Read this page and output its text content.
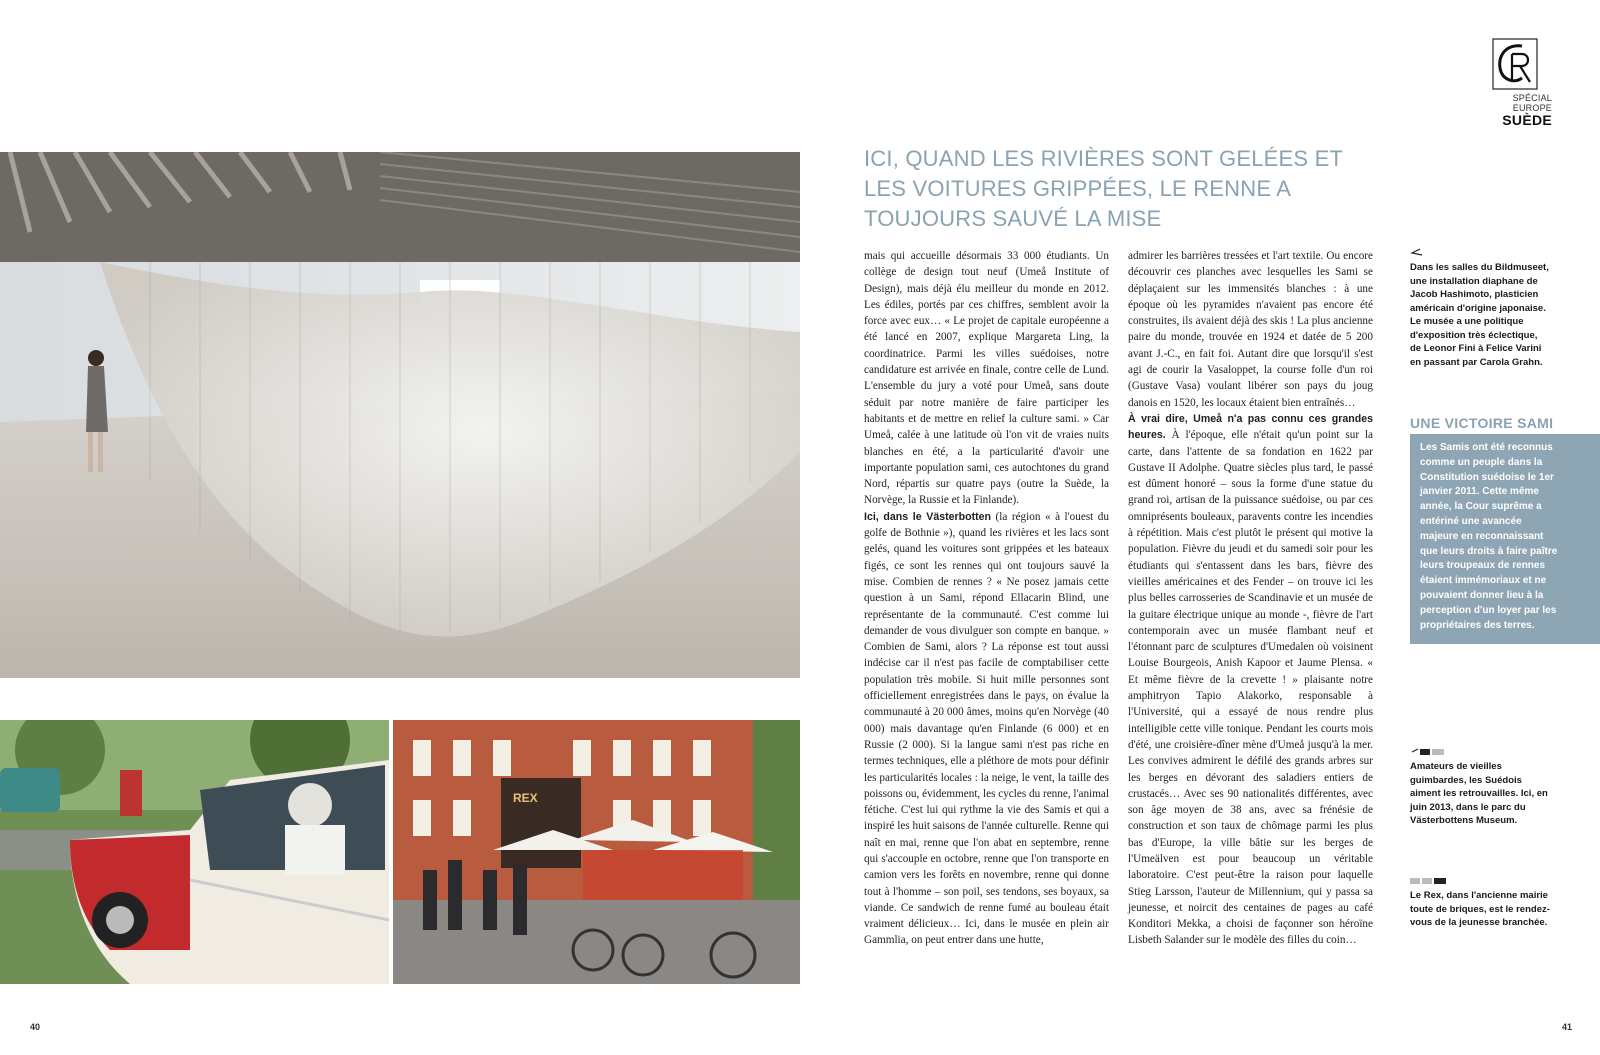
SPÉCIAL EUROPE
SUÈDE
REX
ICI, QUAND LES RIVIÈRES SONT GELÉES ET LES VOITURES GRIPPÉES, LE RENNE A TOUJOURS SAUVÉ LA MISE

mais qui accueille désormais 33 000 étudiants. Un collège de design tout neuf (Umeå Institute of Design), mais déjà élu meilleur du monde en 2012. Les édiles, portés par ces chiffres, semblent avoir la force avec eux… « Le projet de capitale européenne a été lancé en 2007, explique Margareta Ling, la coordinatrice. Parmi les villes suédoises, notre candidature est arrivée en finale, contre celle de Lund. L'ensemble du jury a voté pour Umeå, sans doute séduit par notre manière de faire participer les habitants et de mettre en relief la culture sami. » Car Umeå, calée à une latitude où l'on vit de vraies nuits blanches en été, a la particularité d'avoir une importante population sami, ces autochtones du grand Nord, répartis sur quatre pays (outre la Suède, la Norvège, la Russie et la Finlande).

Ici, dans le Västerbotten (la région « à l'ouest du golfe de Bothnie »), quand les rivières et les lacs sont gelés, quand les voitures sont grippées et les bateaux figés, ce sont les rennes qui ont toujours sauvé la mise. Combien de rennes ? « Ne posez jamais cette question à un Sami, répond Ellacarin Blind, une représentante de la communauté. C'est comme lui demander de vous divulguer son compte en banque. » Combien de Sami, alors ? La réponse est tout aussi indécise car il n'est pas facile de comptabiliser cette population très mobile. Si huit mille personnes sont officiellement enregistrées dans le pays, on évalue la communauté à 20 000 âmes, moins qu'en Norvège (40 000) mais davantage qu'en Finlande (6 000) et en Russie (2 000). Si la langue sami n'est pas riche en termes techniques, elle a pléthore de mots pour définir les particularités locales : la neige, le vent, la taille des poissons ou, évidemment, les cycles du renne, l'animal fétiche. C'est lui qui rythme la vie des Samis et qui a inspiré les huit saisons de l'année culturelle. Renne qui naît en mai, renne que l'on abat en septembre, renne qui s'accouple en octobre, renne que l'on transporte en camion vers les forêts en novembre, renne qui donne tout à l'homme – son poil, ses tendons, ses boyaux, sa viande. Ce sandwich de renne fumé au bouleau était vraiment délicieux… Ici, dans le musée en plein air Gammlia, on peut entrer dans une hutte,

admirer les barrières tressées et l'art textile. Ou encore découvrir ces planches avec lesquelles les Sami se déplaçaient sur les immensités blanches : à une époque où les pyramides n'avaient pas encore été construites, ils avaient déjà des skis ! La plus ancienne paire du monde, trouvée en 1924 et datée de 5 200 avant J.-C., en fait foi. Autant dire que lorsqu'il s'est agi de courir la Vasaloppet, la course folle d'un roi (Gustave Vasa) voulant libérer son pays du joug danois en 1520, les locaux étaient bien entraînés…

À vrai dire, Umeå n'a pas connu ces grandes heures. À l'époque, elle n'était qu'un point sur la carte, dans l'attente de sa fondation en 1622 par Gustave II Adolphe. Quatre siècles plus tard, le passé est dûment honoré – sous la forme d'une statue du grand roi, artisan de la puissance suédoise, ou par ces omniprésents bouleaux, paravents contre les incendies à répétition. Mais c'est plutôt le présent qui motive la population. Fièvre du jeudi et du samedi soir pour les étudiants qui s'entassent dans les bars, fièvre des vieilles américaines et des Fender – on trouve ici les plus belles carrosseries de Scandinavie et un musée de la guitare électrique unique au monde -, fièvre de l'art contemporain avec un musée flambant neuf et l'étonnant parc de sculptures d'Umedalen où voisinent Louise Bourgeois, Anish Kapoor et Jaume Plensa. « Et même fièvre de la crevette ! » plaisante notre amphitryon Tapio Alakorko, responsable à l'Université, qui a essayé de nous rendre plus intelligible cette ville tonique. Pendant les courts mois d'été, une croisière-dîner mène d'Umeå jusqu'à la mer. Les convives admirent le défilé des grands arbres sur les berges en dévorant des saladiers entiers de crustacés… Avec ses 90 nationalités différentes, avec son âge moyen de 38 ans, avec sa frénésie de construction et son taux de chômage parmi les plus bas d'Europe, la ville bâtie sur les berges de l'Umeälven est pour beaucoup un véritable laboratoire. C'est peut-être la raison pour laquelle Stieg Larsson, l'auteur de Millennium, qui y passa sa jeunesse, et noircit des centaines de pages au café Konditori Mekka, a choisi de façonner son héroïne Lisbeth Salander sur le modèle des filles du coin…

Dans les salles du Bildmuseet, une installation diaphane de Jacob Hashimoto, plasticien américain d'origine japonaise. Le musée a une politique d'exposition très éclectique, de Leonor Fini à Felice Varini en passant par Carola Grahn.
UNE VICTOIRE SAMI
Les Samis ont été reconnus comme un peuple dans la Constitution suédoise le 1er janvier 2011. Cette même année, la Cour suprême a entériné une avancée majeure en reconnaissant que leurs droits à faire paître leurs troupeaux de rennes étaient immémoriaux et ne pouvaient donner lieu à la perception d'un loyer par les propriétaires des terres.
Amateurs de vieilles guimbardes, les Suédois aiment les retrouvailles. Ici, en juin 2013, dans le parc du Västerbottens Museum.
Le Rex, dans l'ancienne mairie toute de briques, est le rendez-vous de la jeunesse branchée.
40	41
